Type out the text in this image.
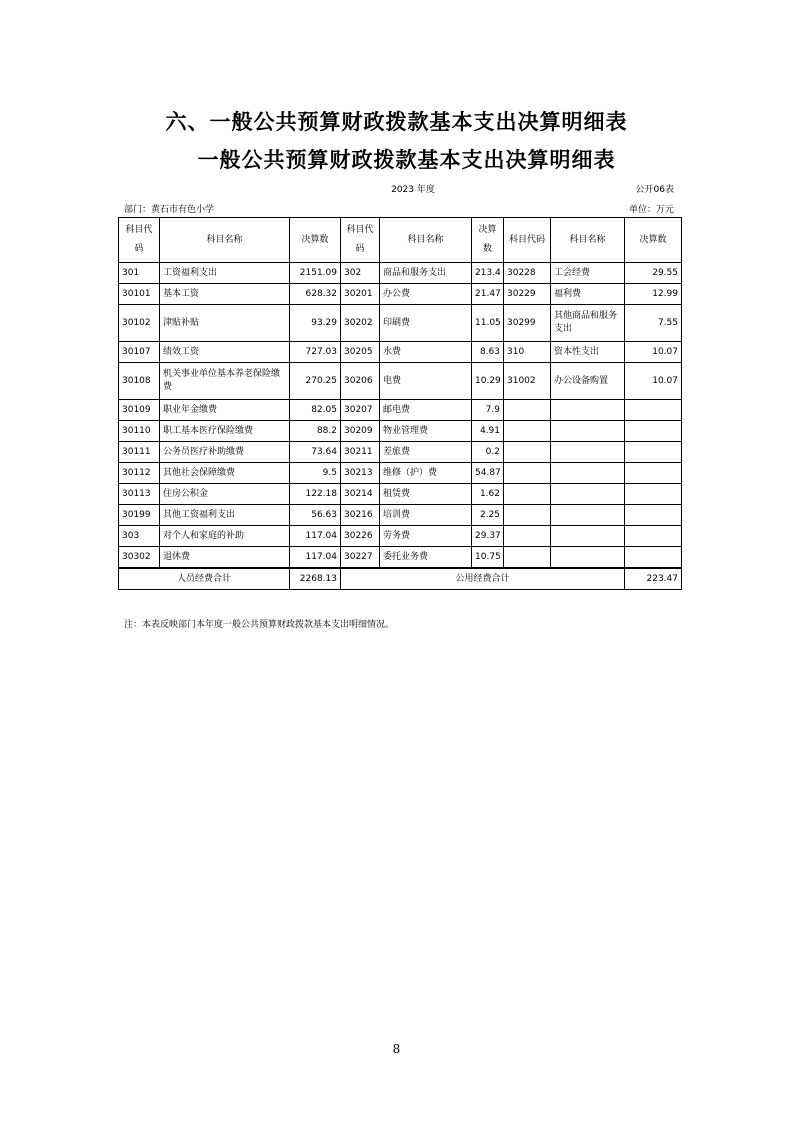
六、一般公共预算财政拨款基本支出决算明细表
一般公共预算财政拨款基本支出决算明细表
2023 年度	公开06表
部门：黄石市有色小学	单位：万元
科目代码	科目名称	决算数	科目代码	科目名称	决算数	科目代码	科目名称	决算数
301	工资福利支出	2151.09	302	商品和服务支出	213.4	30228	工会经费	29.55
30101	基本工资	628.32	30201	办公费	21.47	30229	福利费	12.99
30102	津贴补贴	93.29	30202	印刷费	11.05	30299	其他商品和服务支出	7.55
30107	绩效工资	727.03	30205	水费	8.63	310	资本性支出	10.07
30108	机关事业单位基本养老保险缴费	270.25	30206	电费	10.29	31002	办公设备购置	10.07
30109	职业年金缴费	82.05	30207	邮电费	7.9			
30110	职工基本医疗保险缴费	88.2	30209	物业管理费	4.91			
30111	公务员医疗补助缴费	73.64	30211	差旅费	0.2			
30112	其他社会保障缴费	9.5	30213	维修（护）费	54.87			
30113	住房公积金	122.18	30214	租赁费	1.62			
30199	其他工资福利支出	56.63	30216	培训费	2.25			
303	对个人和家庭的补助	117.04	30226	劳务费	29.37			
30302	退休费	117.04	30227	委托业务费	10.75			
人员经费合计		2268.13	公用经费合计					223.47
注：本表反映部门本年度一般公共预算财政拨款基本支出明细情况。
8
